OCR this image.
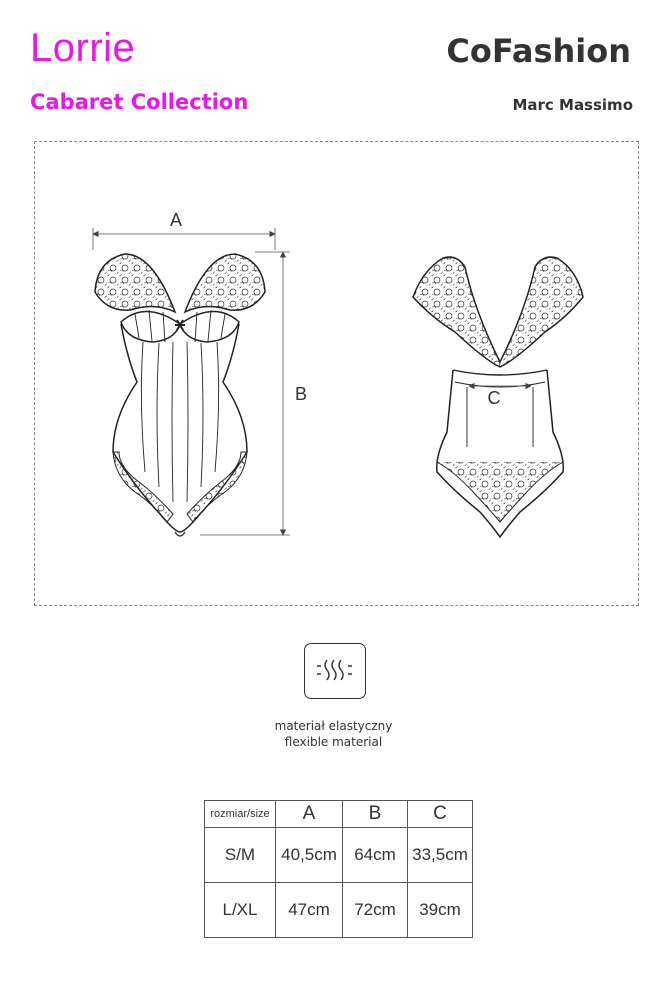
Lorrie
Cabaret Collection
CoFashion
Marc Massimo
A
B	C
materiał elastyczny
flexible material
rozmiar/size	A	B	C
S/M	40,5cm	64cm	33,5cm
L/XL	47cm	72cm	39cm
